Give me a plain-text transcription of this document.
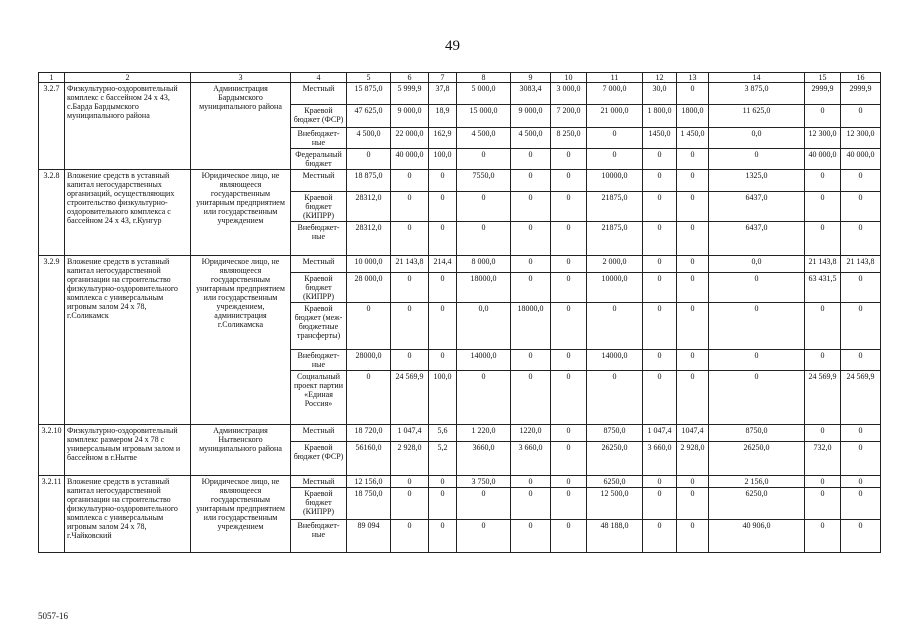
49
1	2	3	4	5	6	7	8	9	10	11	12	13	14	15	16
3.2.7	Физкультурно-оздоровительный комплекс с бассейном 24 х 43, с.Барда Бардымского муниципального района	Администрация Бардымского муниципального района	Местный	15 875,0	5 999,9	37,8	5 000,0	3083,4	3 000,0	7 000,0	30,0	0	3 875,0	2999,9	2999,9
			Краевой бюджет (ФСР)	47 625,0	9 000,0	18,9	15 000,0	9 000,0	7 200,0	21 000,0	1 800,0	1800,0	11 625,0	0	0
			Внебюджет-ные	4 500,0	22 000,0	162,9	4 500,0	4 500,0	8 250,0	0	1450,0	1 450,0	0,0	12 300,0	12 300,0
			Федеральный бюджет	0	40 000,0	100,0	0	0	0	0	0	0	0	40 000,0	40 000,0
3.2.8	Вложение средств в уставный капитал негосударственных организаций, осуществляющих строительство физкультурно-оздоровительного комплекса с бассейном 24 х 43, г.Кунгур	Юридическое лицо, не являющееся государственным унитарным предприятием или государственным учреждением	Местный	18 875,0	0	0	7550,0	0	0	10000,0	0	0	1325,0	0	0
			Краевой бюджет (КИПРР)	28312,0	0	0	0	0	0	21875,0	0	0	6437,0	0	0
			Внебюджет-ные	28312,0	0	0	0	0	0	21875,0	0	0	6437,0	0	0
3.2.9	Вложение средств в уставный капитал негосударственной организации на строительство физкультурно-оздоровительного комплекса с универсальным игровым залом 24 х 78, г.Соликамск	Юридическое лицо, не являющееся государственным унитарным предприятием или государственным учреждением, администрация г.Соликамска	Местный	10 000,0	21 143,8	214,4	8 000,0	0	0	2 000,0	0	0	0,0	21 143,8	21 143,8
			Краевой бюджет (КИПРР)	28 000,0	0	0	18000,0	0	0	10000,0	0	0	0	63 431,5	0
			Краевой бюджет (меж-бюджетные трансферты)	0	0	0	0,0	18000,0	0	0	0	0	0	0	0
			Внебюджет-ные	28000,0	0	0	14000,0	0	0	14000,0	0	0	0	0	0
			Социальный проект партии «Единая Россия»	0	24 569,9	100,0	0	0	0	0	0	0	0	24 569,9	24 569,9
3.2.10	Физкультурно-оздоровительный комплекс размером 24 х 78 с универсальным игровым залом и бассейном в г.Нытве	Администрация Нытвенского муниципального района	Местный	18 720,0	1 047,4	5,6	1 220,0	1220,0	0	8750,0	1 047,4	1047,4	8750,0	0	0
			Краевой бюджет (ФСР)	56160,0	2 928,0	5,2	3660,0	3 660,0	0	26250,0	3 660,0	2 928,0	26250,0	732,0	0
3.2.11	Вложение средств в уставный капитал негосударственной организации на строительство физкультурно-оздоровительного комплекса с универсальным игровым залом 24 х 78, г.Чайковский	Юридическое лицо, не являющееся государственным унитарным предприятием или государственным учреждением	Местный	12 156,0	0	0	3 750,0	0	0	6250,0	0	0	2 156,0	0	0
			Краевой бюджет (КИПРР)	18 750,0	0	0	0	0	0	12 500,0	0	0	6250,0	0	0
			Внебюджет-ные	89 094	0	0	0	0	0	48 188,0	0	0	40 906,0	0	0
5057-16
